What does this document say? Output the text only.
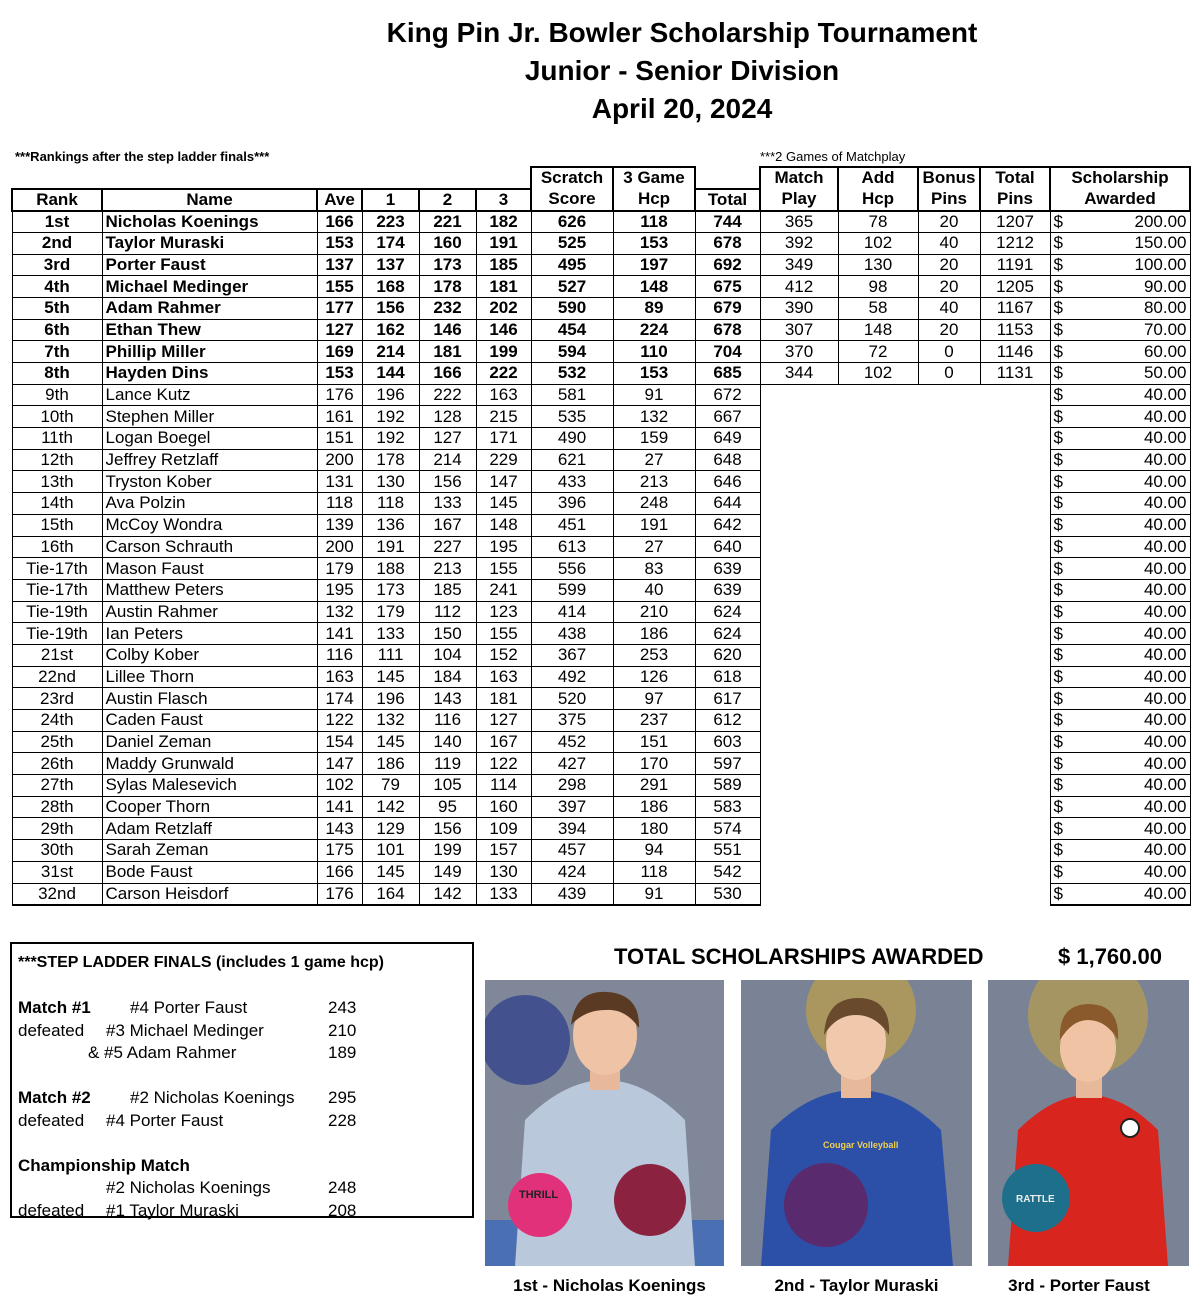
King Pin Jr. Bowler Scholarship Tournament
Junior - Senior Division
April 20, 2024
***Rankings after the step ladder finals***	***2 Games of Matchplay
						Scratch	3 Game		Match	Add	Bonus	Total	Scholarship
Rank	Name	Ave	1	2	3	Score	Hcp	Total	Play	Hcp	Pins	Pins	Awarded
1st	Nicholas Koenings	166	223	221	182	626	118	744	365	78	20	1207	$ 200.00

2nd	Taylor Muraski	153	174	160	191	525	153	678	392	102	40	1212	$ 150.00

3rd	Porter Faust	137	137	173	185	495	197	692	349	130	20	1191	$ 100.00

4th	Michael Medinger	155	168	178	181	527	148	675	412	98	20	1205	$ 90.00

5th	Adam Rahmer	177	156	232	202	590	89	679	390	58	40	1167	$ 80.00

6th	Ethan Thew	127	162	146	146	454	224	678	307	148	20	1153	$ 70.00

7th	Phillip Miller	169	214	181	199	594	110	704	370	72	0	1146	$ 60.00

8th	Hayden Dins	153	144	166	222	532	153	685	344	102	0	1131	$ 50.00

9th	Lance Kutz	176	196	222	163	581	91	672					$ 40.00

10th	Stephen Miller	161	192	128	215	535	132	667					$ 40.00

11th	Logan Boegel	151	192	127	171	490	159	649					$ 40.00

12th	Jeffrey Retzlaff	200	178	214	229	621	27	648					$ 40.00

13th	Tryston Kober	131	130	156	147	433	213	646					$ 40.00

14th	Ava Polzin	118	118	133	145	396	248	644					$ 40.00

15th	McCoy Wondra	139	136	167	148	451	191	642					$ 40.00

16th	Carson Schrauth	200	191	227	195	613	27	640					$ 40.00

Tie-17th	Mason Faust	179	188	213	155	556	83	639					$ 40.00

Tie-17th	Matthew Peters	195	173	185	241	599	40	639					$ 40.00

Tie-19th	Austin Rahmer	132	179	112	123	414	210	624					$ 40.00

Tie-19th	Ian Peters	141	133	150	155	438	186	624					$ 40.00

21st	Colby Kober	116	111	104	152	367	253	620					$ 40.00

22nd	Lillee Thorn	163	145	184	163	492	126	618					$ 40.00

23rd	Austin Flasch	174	196	143	181	520	97	617					$ 40.00

24th	Caden Faust	122	132	116	127	375	237	612					$ 40.00

25th	Daniel Zeman	154	145	140	167	452	151	603					$ 40.00

26th	Maddy Grunwald	147	186	119	122	427	170	597					$ 40.00

27th	Sylas Malesevich	102	79	105	114	298	291	589					$ 40.00

28th	Cooper Thorn	141	142	95	160	397	186	583					$ 40.00

29th	Adam Retzlaff	143	129	156	109	394	180	574					$ 40.00

30th	Sarah Zeman	175	101	199	157	457	94	551					$ 40.00

31st	Bode Faust	166	145	149	130	424	118	542					$ 40.00

32nd	Carson Heisdorf	176	164	142	133	439	91	530					$ 40.00
***STEP LADDER FINALS (includes 1 game hcp)
Match #1 #4 Porter Faust	243
defeated #3 Michael Medinger	210
& #5 Adam Rahmer	189
Match #2 #2 Nicholas Koenings 295
defeated #4 Porter Faust	228
Championship Match
#2 Nicholas Koenings	248
defeated #1 Taylor Muraski	208
TOTAL SCHOLARSHIPS AWARDED	$ 1,760.00
THRILL
Cougar Volleyball
RATTLE
1st - Nicholas Koenings	2nd - Taylor Muraski	3rd - Porter Faust
